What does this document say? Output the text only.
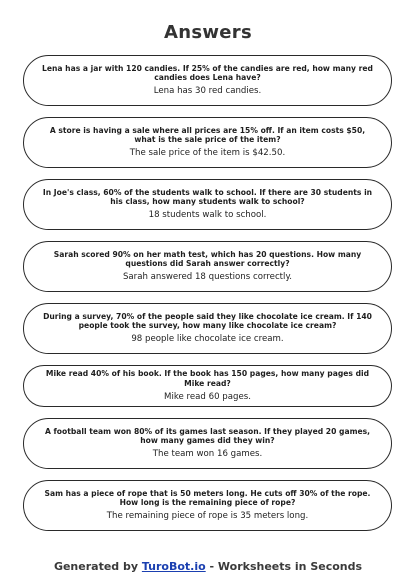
Answers
Lena has a jar with 120 candies. If 25% of the candies are red, how many red candies does Lena have?
Lena has 30 red candies.
A store is having a sale where all prices are 15% off. If an item costs $50, what is the sale price of the item?
The sale price of the item is $42.50.
In Joe's class, 60% of the students walk to school. If there are 30 students in his class, how many students walk to school?
18 students walk to school.
Sarah scored 90% on her math test, which has 20 questions. How many questions did Sarah answer correctly?
Sarah answered 18 questions correctly.
During a survey, 70% of the people said they like chocolate ice cream. If 140 people took the survey, how many like chocolate ice cream?
98 people like chocolate ice cream.
Mike read 40% of his book. If the book has 150 pages, how many pages did Mike read?
Mike read 60 pages.
A football team won 80% of its games last season. If they played 20 games, how many games did they win?
The team won 16 games.
Sam has a piece of rope that is 50 meters long. He cuts off 30% of the rope. How long is the remaining piece of rope?
The remaining piece of rope is 35 meters long.
Generated by TuroBot.io - Worksheets in Seconds
